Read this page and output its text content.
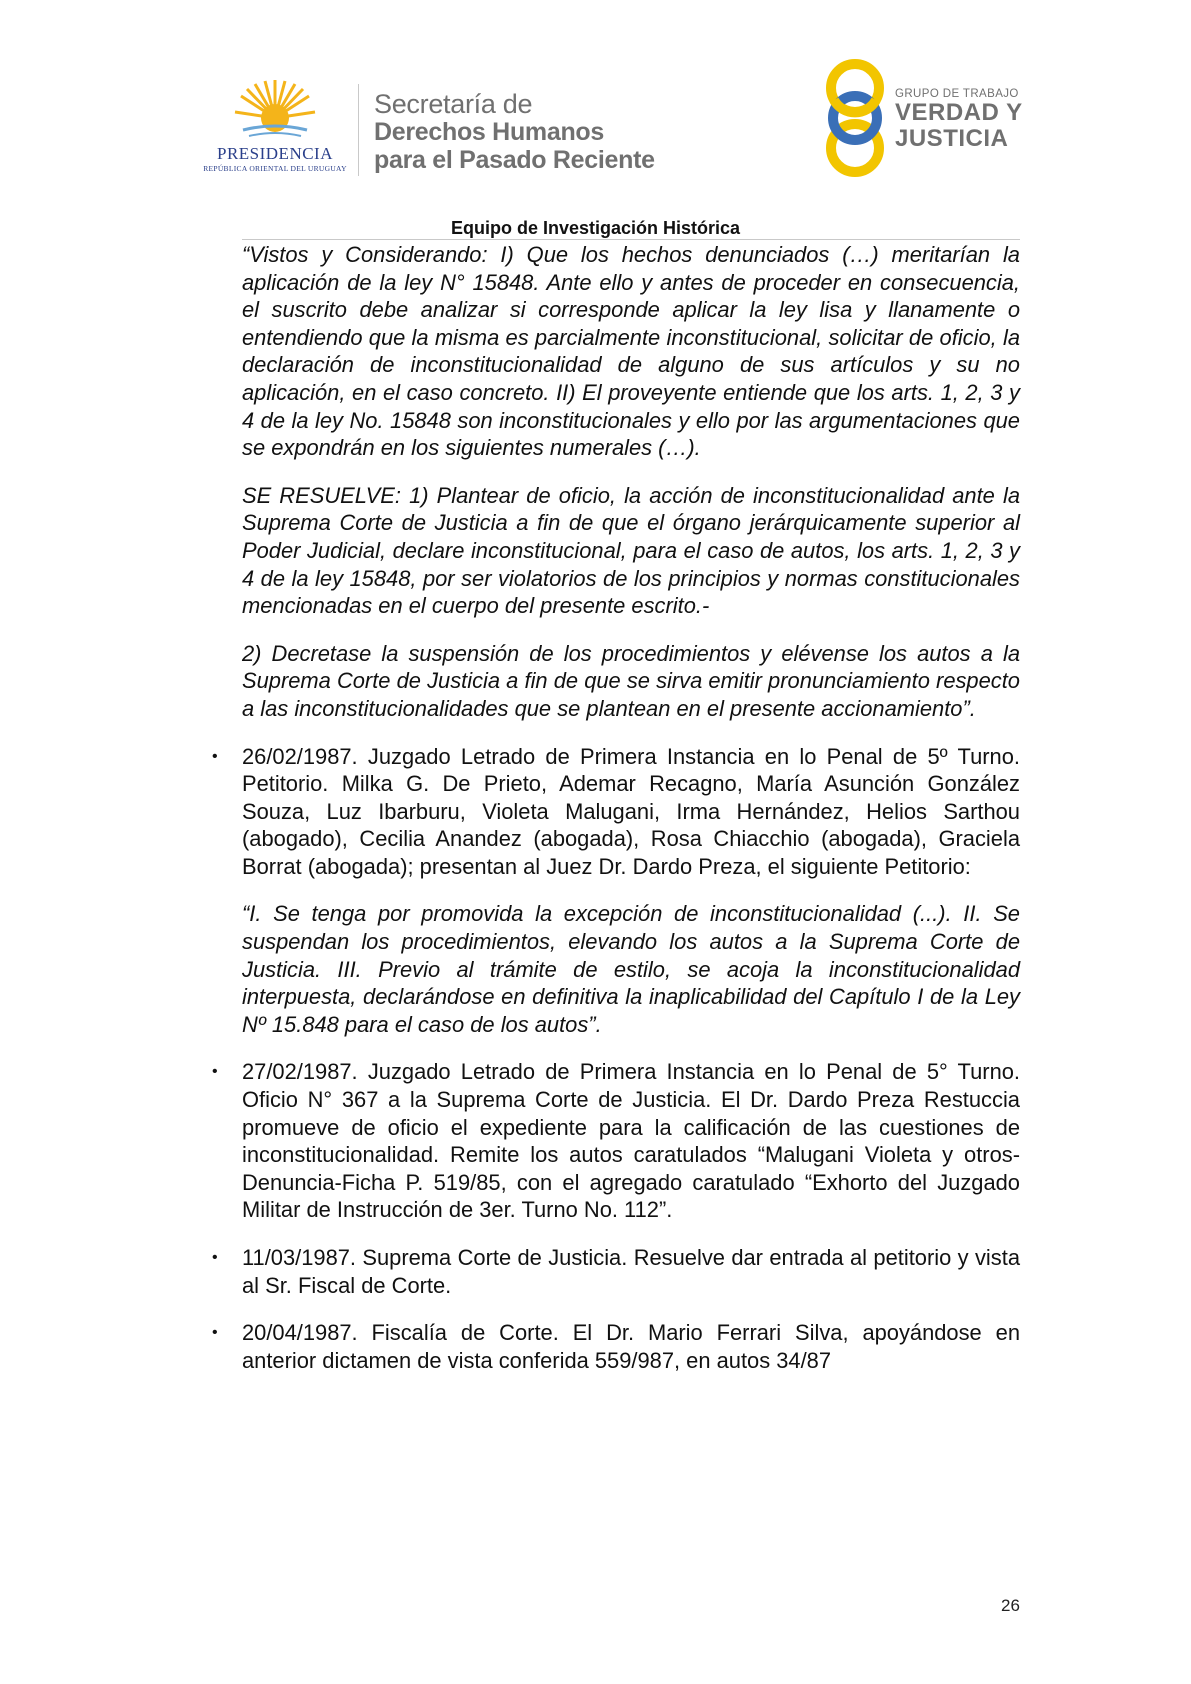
PRESIDENCIA
REPÚBLICA ORIENTAL DEL URUGUAY
Secretaría de
Derechos Humanos
para el Pasado Reciente
GRUPO DE TRABAJO
VERDAD Y
JUSTICIA
Equipo de Investigación Histórica

“Vistos y Considerando: I) Que los hechos denunciados (…) meritarían la aplicación de la ley N° 15848. Ante ello y antes de proceder en consecuencia, el suscrito debe analizar si corresponde aplicar la ley lisa y llanamente o entendiendo que la misma es parcialmente inconstitucional, solicitar de oficio, la declaración de inconstitucionalidad de alguno de sus artículos y su no aplicación, en el caso concreto. II) El proveyente entiende que los arts. 1, 2, 3 y 4 de la ley No. 15848 son inconstitucionales y ello por las argumentaciones que se expondrán en los siguientes numerales (…).

SE RESUELVE: 1) Plantear de oficio, la acción de inconstitucionalidad ante la Suprema Corte de Justicia a fin de que el órgano jerárquicamente superior al Poder Judicial, declare inconstitucional, para el caso de autos, los arts. 1, 2, 3 y 4 de la ley 15848, por ser violatorios de los principios y normas constitucionales mencionadas en el cuerpo del presente escrito.-

2) Decretase la suspensión de los procedimientos y elévense los autos a la Suprema Corte de Justicia a fin de que se sirva emitir pronunciamiento respecto a las inconstitucionalidades que se plantean en el presente accionamiento”.

• 26/02/1987. Juzgado Letrado de Primera Instancia en lo Penal de 5º Turno. Petitorio. Milka G. De Prieto, Ademar Recagno, María Asunción González Souza, Luz Ibarburu, Violeta Malugani, Irma Hernández, Helios Sarthou (abogado), Cecilia Anandez (abogada), Rosa Chiacchio (abogada), Graciela Borrat (abogada); presentan al Juez Dr. Dardo Preza, el siguiente Petitorio:

“I. Se tenga por promovida la excepción de inconstitucionalidad (...). II. Se suspendan los procedimientos, elevando los autos a la Suprema Corte de Justicia. III. Previo al trámite de estilo, se acoja la inconstitucionalidad interpuesta, declarándose en definitiva la inaplicabilidad del Capítulo I de la Ley Nº 15.848 para el caso de los autos”.

• 27/02/1987. Juzgado Letrado de Primera Instancia en lo Penal de 5° Turno. Oficio N° 367 a la Suprema Corte de Justicia. El Dr. Dardo Preza Restuccia promueve de oficio el expediente para la calificación de las cuestiones de inconstitucionalidad. Remite los autos caratulados “Malugani Violeta y otros-Denuncia-Ficha P. 519/85, con el agregado caratulado “Exhorto del Juzgado Militar de Instrucción de 3er. Turno No. 112”.

• 11/03/1987. Suprema Corte de Justicia. Resuelve dar entrada al petitorio y vista al Sr. Fiscal de Corte.

• 20/04/1987. Fiscalía de Corte. El Dr. Mario Ferrari Silva, apoyándose en anterior dictamen de vista conferida 559/987, en autos 34/87

26
